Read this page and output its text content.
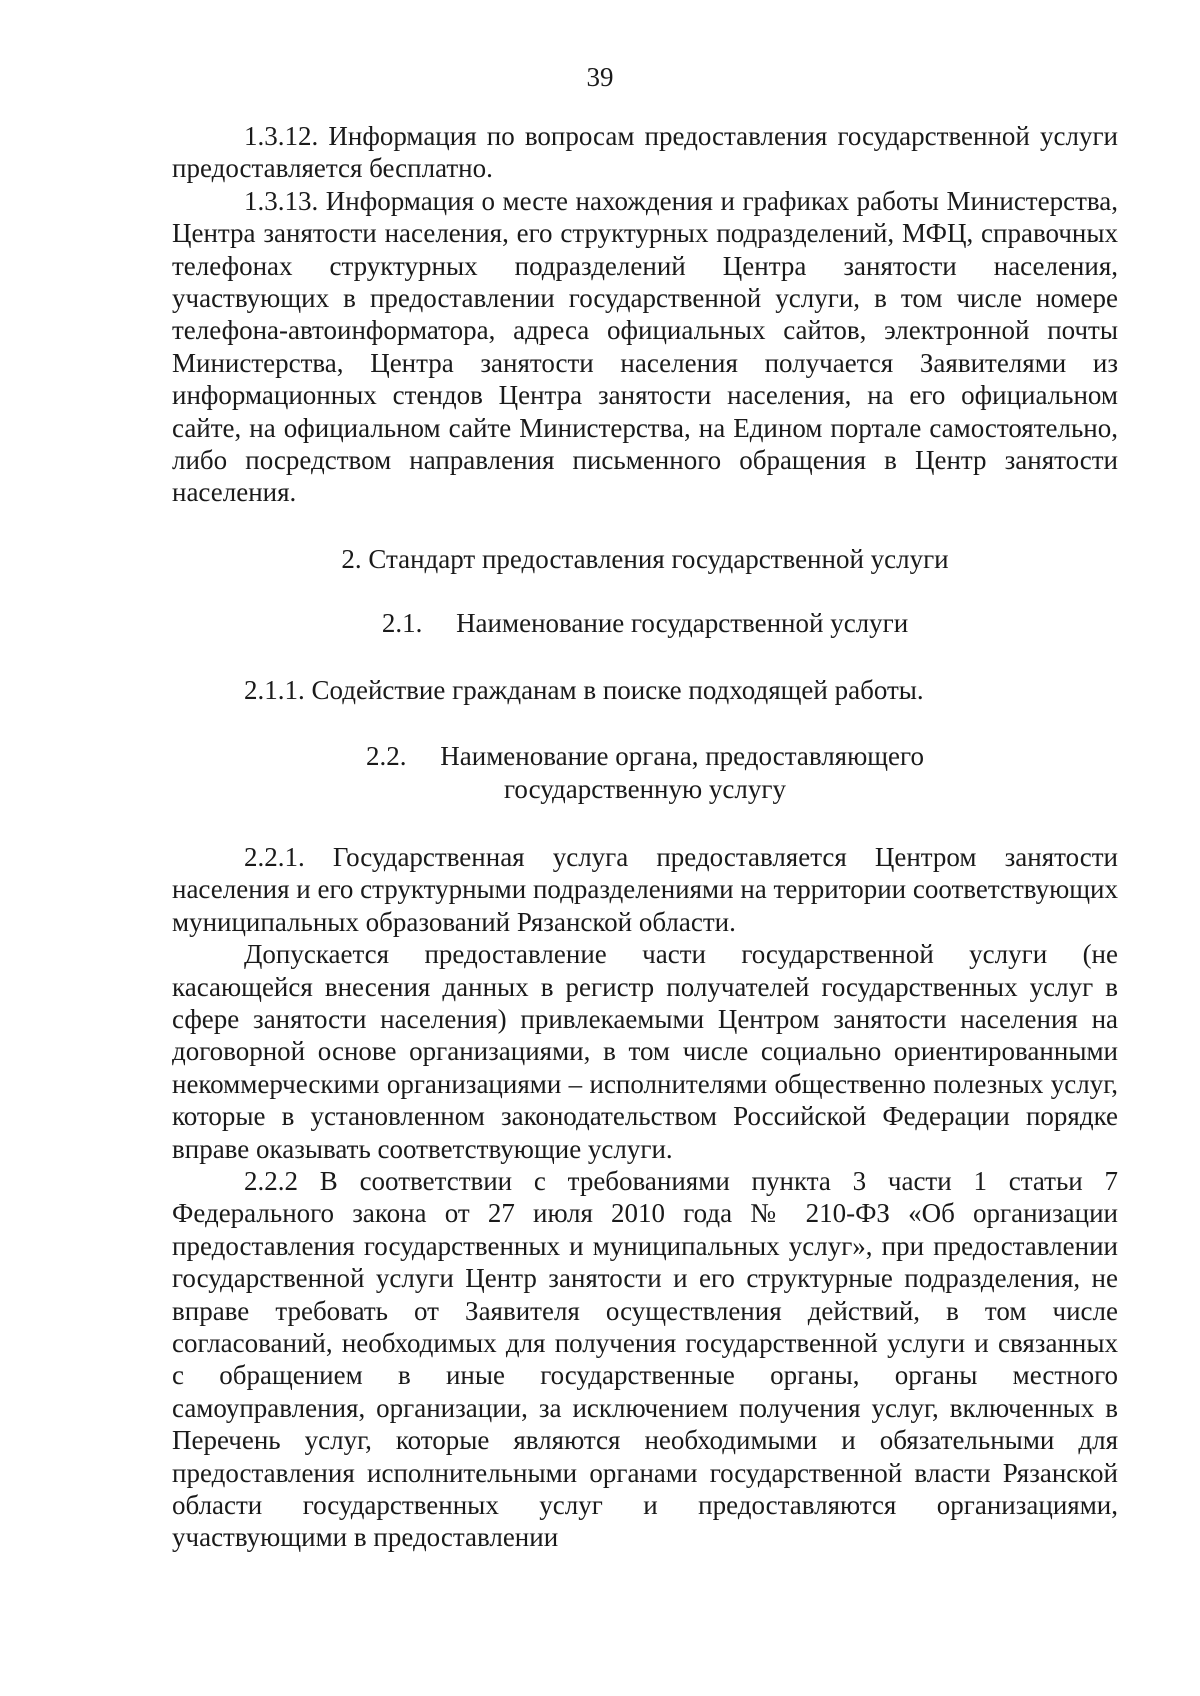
39

1.3.12. Информация по вопросам предоставления государственной услуги предоставляется бесплатно.

1.3.13. Информация о месте нахождения и графиках работы Министерства, Центра занятости населения, его структурных подразделений, МФЦ, справочных телефонах структурных подразделений Центра занятости населения, участвующих в предоставлении государственной услуги, в том числе номере телефона-автоинформатора, адреса официальных сайтов, электронной почты Министерства, Центра занятости населения получается Заявителями из информационных стендов Центра занятости населения, на его официальном сайте, на официальном сайте Министерства, на Едином портале самостоятельно, либо посредством направления письменного обращения в Центр занятости населения.

2. Стандарт предоставления государственной услуги

2.1.  Наименование государственной услуги

2.1.1. Содействие гражданам в поиске подходящей работы.

2.2.  Наименование органа, предоставляющего

государственную услугу

2.2.1. Государственная услуга предоставляется Центром занятости населения и его структурными подразделениями на территории соответствующих муниципальных образований Рязанской области.

Допускается предоставление части государственной услуги (не касающейся внесения данных в регистр получателей государственных услуг в сфере занятости населения) привлекаемыми Центром занятости населения на договорной основе организациями, в том числе социально ориентированными некоммерческими организациями – исполнителями общественно полезных услуг, которые в установленном законодательством Российской Федерации порядке вправе оказывать соответствующие услуги.

2.2.2 В соответствии с требованиями пункта 3 части 1 статьи 7 Федерального закона от 27 июля 2010 года № 210-ФЗ «Об организации предоставления государственных и муниципальных услуг», при предоставлении государственной услуги Центр занятости и его структурные подразделения, не вправе требовать от Заявителя осуществления действий, в том числе согласований, необходимых для получения государственной услуги и связанных с обращением в иные государственные органы, органы местного самоуправления, организации, за исключением получения услуг, включенных в Перечень услуг, которые являются необходимыми и обязательными для предоставления исполнительными органами государственной власти Рязанской области государственных услуг и предоставляются организациями, участвующими в предоставлении
